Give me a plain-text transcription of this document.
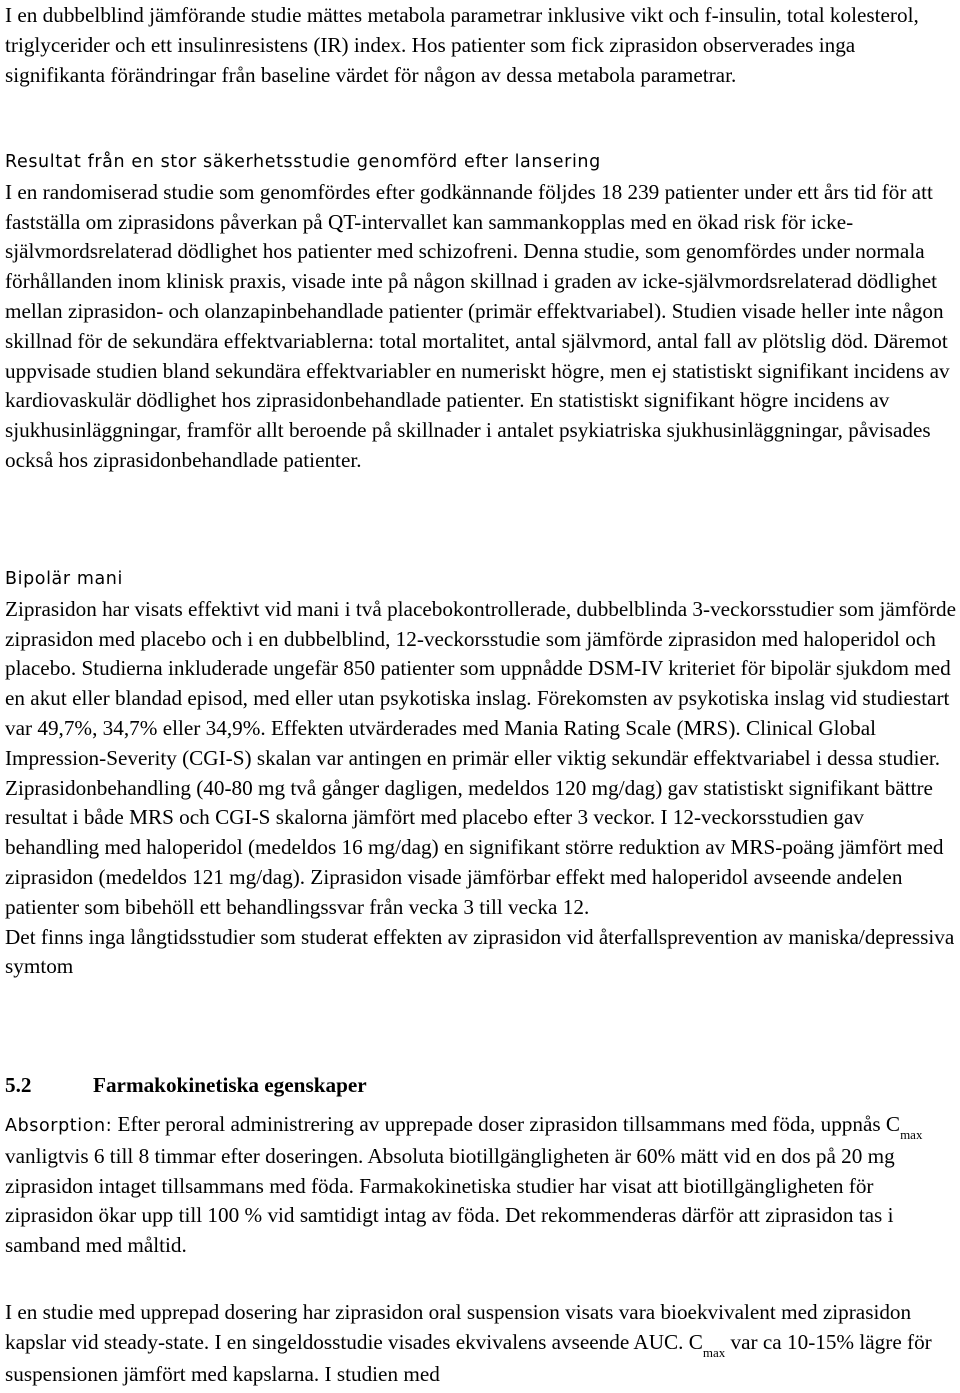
I en dubbelblind jämförande studie mättes metabola parametrar inklusive vikt och f-insulin, total kolesterol, triglycerider och ett insulinresistens (IR) index. Hos patienter som fick ziprasidon observerades inga signifikanta förändringar från baseline värdet för någon av dessa metabola parametrar.

Resultat från en stor säkerhetsstudie genomförd efter lansering

I en randomiserad studie som genomfördes efter godkännande följdes 18 239 patienter under ett års tid för att fastställa om ziprasidons påverkan på QT-intervallet kan sammankopplas med en ökad risk för icke-självmordsrelaterad dödlighet hos patienter med schizofreni. Denna studie, som genomfördes under normala förhållanden inom klinisk praxis, visade inte på någon skillnad i graden av icke-självmordsrelaterad dödlighet mellan ziprasidon- och olanzapinbehandlade patienter (primär effektvariabel). Studien visade heller inte någon skillnad för de sekundära effektvariablerna: total mortalitet, antal självmord, antal fall av plötslig död. Däremot uppvisade studien bland sekundära effektvariabler en numeriskt högre, men ej statistiskt signifikant incidens av kardiovaskulär dödlighet hos ziprasidonbehandlade patienter. En statistiskt signifikant högre incidens av sjukhusinläggningar, framför allt beroende på skillnader i antalet psykiatriska sjukhusinläggningar, påvisades också hos ziprasidonbehandlade patienter.

Bipolär mani

Ziprasidon har visats effektivt vid mani i två placebokontrollerade, dubbelblinda 3-veckorsstudier som jämförde ziprasidon med placebo och i en dubbelblind, 12-veckorsstudie som jämförde ziprasidon med haloperidol och placebo. Studierna inkluderade ungefär 850 patienter som uppnådde DSM-IV kriteriet för bipolär sjukdom med en akut eller blandad episod, med eller utan psykotiska inslag. Förekomsten av psykotiska inslag vid studiestart var 49,7%, 34,7% eller 34,9%. Effekten utvärderades med Mania Rating Scale (MRS). Clinical Global Impression-Severity (CGI-S) skalan var antingen en primär eller viktig sekundär effektvariabel i dessa studier. Ziprasidonbehandling (40-80 mg två gånger dagligen, medeldos 120 mg/dag) gav statistiskt signifikant bättre resultat i både MRS och CGI-S skalorna jämfört med placebo efter 3 veckor. I 12-veckorsstudien gav behandling med haloperidol (medeldos 16 mg/dag) en signifikant större reduktion av MRS-poäng jämfört med ziprasidon (medeldos 121 mg/dag). Ziprasidon visade jämförbar effekt med haloperidol avseende andelen patienter som bibehöll ett behandlingssvar från vecka 3 till vecka 12.

Det finns inga långtidsstudier som studerat effekten av ziprasidon vid återfallsprevention av maniska/depressiva symtom

5.2	Farmakokinetiska egenskaper

Absorption: Efter peroral administrering av upprepade doser ziprasidon tillsammans med föda, uppnås $C_{max}$ vanligtvis 6 till 8 timmar efter doseringen. Absoluta biotillgängligheten är 60% mätt vid en dos på 20 mg ziprasidon intaget tillsammans med föda. Farmakokinetiska studier har visat att biotillgängligheten för ziprasidon ökar upp till 100 % vid samtidigt intag av föda. Det rekommenderas därför att ziprasidon tas i samband med måltid.

I en studie med upprepad dosering har ziprasidon oral suspension visats vara bioekvivalent med ziprasidon kapslar vid steady-state. I en singeldosstudie visades ekvivalens avseende AUC. $C_{max}$ var ca 10-15% lägre för suspensionen jämfört med kapslarna. I studien med
